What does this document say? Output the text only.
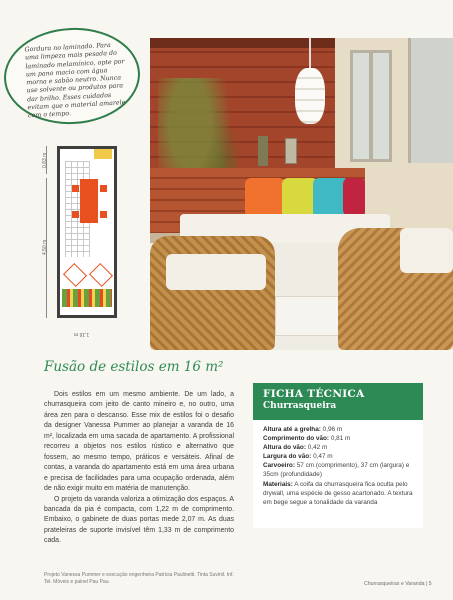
Gordura no laminado. Para uma limpeza mais pesada do laminado melamínico, opte por um pano macio com água morna e sabão neutro. Nunca use solvente ou produtos para dar brilho. Esses cuidados evitam que o material amarele com o tempo.
0,83 m
4,50 m
1,16 m
Fusão de estilos em 16 m²

Dois estilos em um mesmo ambiente. De um lado, a churrasqueira com jeito de canto mineiro e, no outro, uma área zen para o descanso. Esse mix de estilos foi o desafio da designer Vanessa Pummer ao planejar a varanda de 16 m², localizada em uma sacada de apartamento. A profissional recorreu a objetos nos estilos rústico e alternativo que fossem, ao mesmo tempo, práticos e versáteis. Afinal de contas, a varanda do apartamento está em uma área urbana e precisa de facilidades para uma ocupação ordenada, além de não exigir muito em matéria de manutenção.

O projeto da varanda valoriza a otimização dos espaços. A bancada da pia é compacta, com 1,22 m de comprimento. Embaixo, o gabinete de duas portas mede 2,07 m. As duas prateleiras de suporte invisível têm 1,33 m de comprimento cada.

Projeto Vanessa Pummer e execução engenheira Patrícia Paulinetti. Tinta Suvinil. Inf. Tel. Móveis e painel Pau Pau.
FICHA TÉCNICA
Churrasqueira
Altura até a grelha: 0,96 m
Comprimento do vão: 0,81 m
Altura do vão: 0,42 m
Largura do vão: 0,47 m
Carvoeiro: 57 cm (comprimento), 37 cm (largura) e 35cm (profundidade)
Materiais: A coifa da churrasqueira fica oculta pelo drywall, uma espécie de gesso acartonado. A textura em bege segue a tonalidade da varanda
Churrasqueiras e Varanda | 5
